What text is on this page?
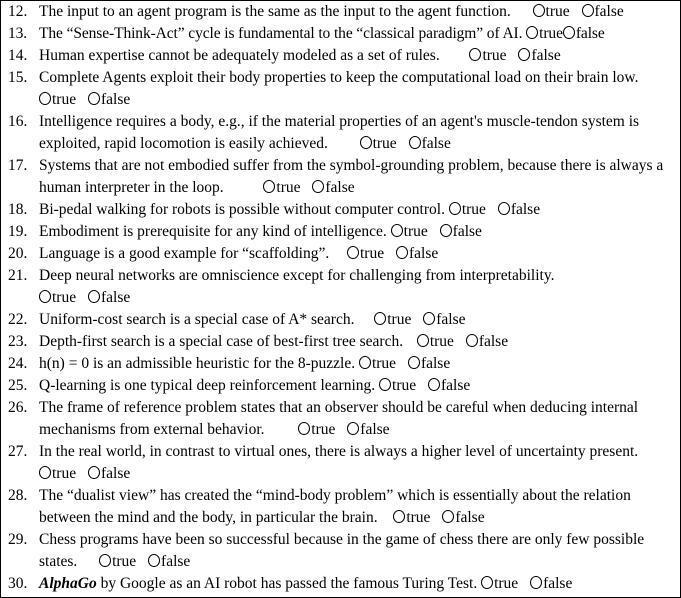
12. The input to an agent program is the same as the input to the agent function. true false
13. The “Sense-Think-Act” cycle is fundamental to the “classical paradigm” of AI. true false
14. Human expertise cannot be adequately modeled as a set of rules.	true false
15. Complete Agents exploit their body properties to keep the computational load on their brain low.  true false
16. Intelligence requires a body, e.g., if the material properties of an agent's muscle-tendon system is exploited, rapid locomotion is easily achieved.	true false
17. Systems that are not embodied suffer from the symbol-grounding problem, because there is always a human interpreter in the loop.	true false
18. Bi-pedal walking for robots is possible without computer control. true false
19. Embodiment is prerequisite for any kind of intelligence. true false
20. Language is a good example for “scaffolding”. true false
21. Deep neural networks are omniscience except for challenging from interpretability.
true false
22. Uniform-cost search is a special case of A* search. true false
23. Depth-first search is a special case of best-first tree search. true false
24. h(n) = 0 is an admissible heuristic for the 8-puzzle. true false
25. Q-learning is one typical deep reinforcement learning. true false
26. The frame of reference problem states that an observer should be careful when deducing internal mechanisms from external behavior.	true false
27. In the real world, in contrast to virtual ones, there is always a higher level of uncertainty present.  true false
28. The “dualist view” has created the “mind-body problem” which is essentially about the relation between the mind and the body, in particular the brain. true false
29. Chess programs have been so successful because in the game of chess there are only few possible states. true false
30. AlphaGo by Google as an AI robot has passed the famous Turing Test. true false
